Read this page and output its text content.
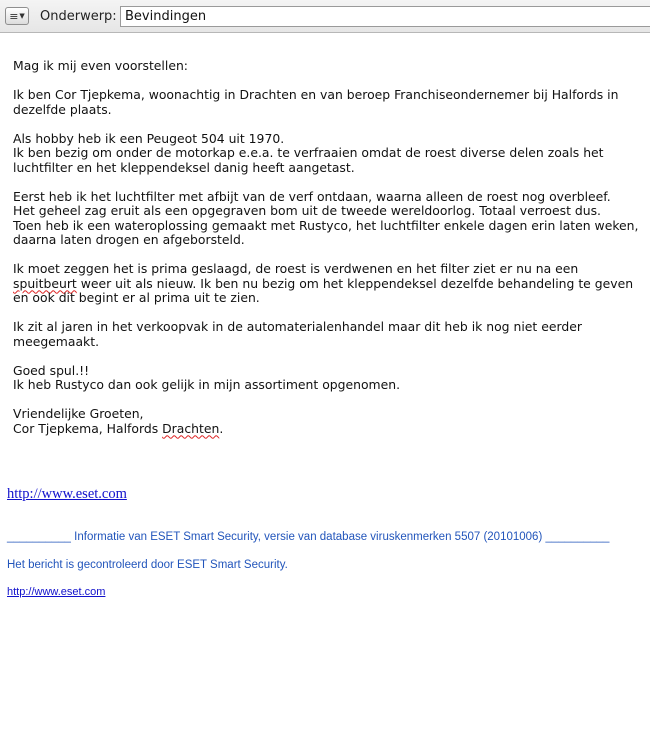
≡ ▼ Onderwerp:
Bevindingen

Mag ik mij even voorstellen:

Ik ben Cor Tjepkema, woonachtig in Drachten en van beroep Franchiseondernemer bij Halfords in dezelfde plaats.

Als hobby heb ik een Peugeot 504 uit 1970.
Ik ben bezig om onder de motorkap e.e.a. te verfraaien omdat de roest diverse delen zoals het luchtfilter en het kleppendeksel danig heeft aangetast.

Eerst heb ik het luchtfilter met afbijt van de verf ontdaan, waarna alleen de roest nog overbleef.
Het geheel zag eruit als een opgegraven bom uit de tweede wereldoorlog. Totaal verroest dus.
Toen heb ik een wateroplossing gemaakt met Rustyco, het luchtfilter enkele dagen erin laten weken, daarna laten drogen en afgeborsteld.

Ik moet zeggen het is prima geslaagd, de roest is verdwenen en het filter ziet er nu na een spuitbeurt weer uit als nieuw. Ik ben nu bezig om het kleppendeksel dezelfde behandeling te geven en ook dit begint er al prima uit te zien.

Ik zit al jaren in het verkoopvak in de automaterialenhandel maar dit heb ik nog niet eerder meegemaakt.

Goed spul.!!
Ik heb Rustyco dan ook gelijk in mijn assortiment opgenomen.

Vriendelijke Groeten,
Cor Tjepkema, Halfords Drachten.

http://www.eset.com
__________ Informatie van ESET Smart Security, versie van database viruskenmerken 5507 (20101006) __________
Het bericht is gecontroleerd door ESET Smart Security.
http://www.eset.com
